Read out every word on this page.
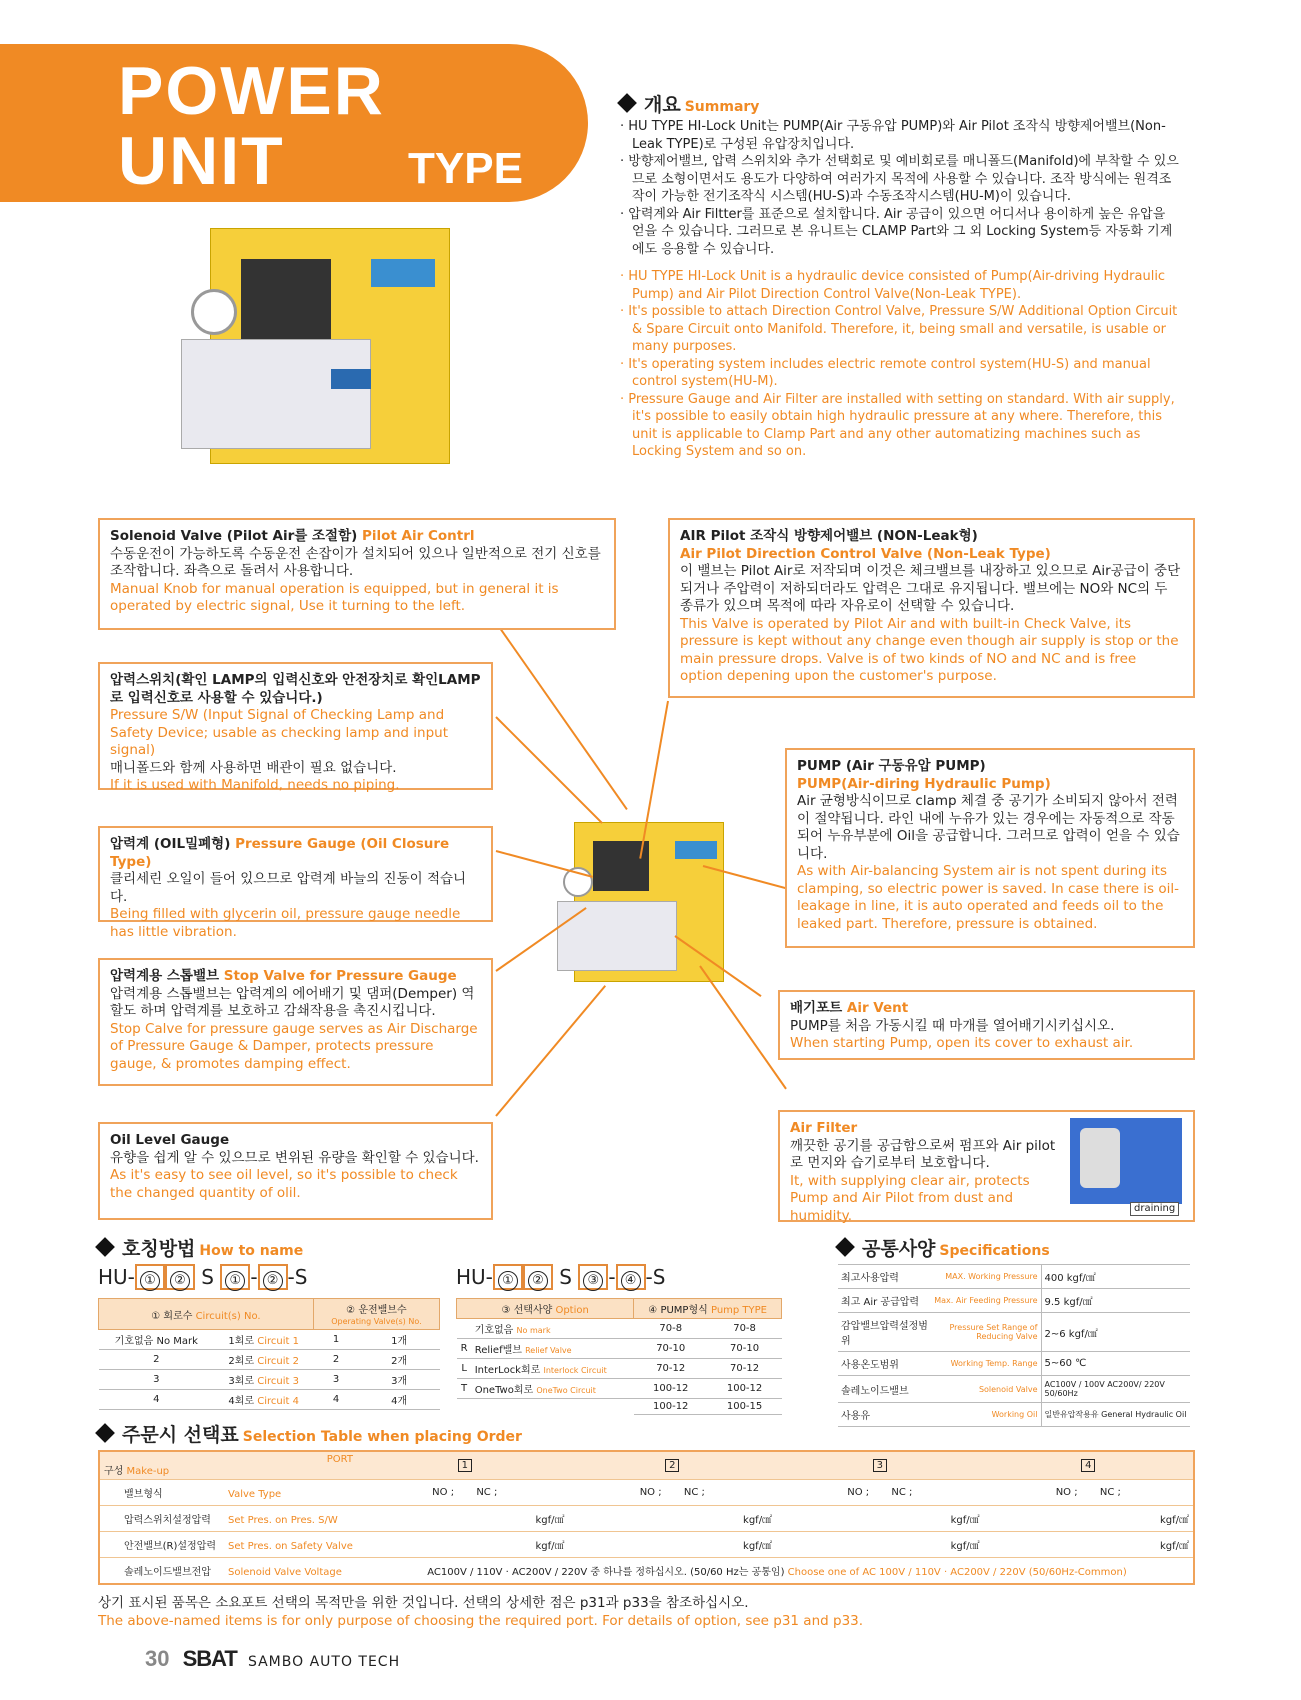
POWER
UNIT	TYPE
개요 Summary
· HU TYPE HI-Lock Unit는 PUMP(Air 구동유압 PUMP)와 Air Pilot 조작식 방향제어밸브(Non-Leak TYPE)로 구성된 유압장치입니다.
· 방향제어밸브, 압력 스위치와 추가 선택회로 및 예비회로를 매니폴드(Manifold)에 부착할 수 있으므로 소형이면서도 용도가 다양하여 여러가지 목적에 사용할 수 있습니다. 조작 방식에는 원격조작이 가능한 전기조작식 시스템(HU-S)과 수동조작시스템(HU-M)이 있습니다.
· 압력계와 Air Filtter를 표준으로 설치합니다. Air 공급이 있으면 어디서나 용이하게 높은 유압을 얻을 수 있습니다. 그러므로 본 유니트는 CLAMP Part와 그 외 Locking System등 자동화 기계에도 응용할 수 있습니다.
· HU TYPE HI-Lock Unit is a hydraulic device consisted of Pump(Air-driving Hydraulic Pump) and Air Pilot Direction Control Valve(Non-Leak TYPE).
· It's possible to attach Direction Control Valve, Pressure S/W Additional Option Circuit & Spare Circuit onto Manifold. Therefore, it, being small and versatile, is usable or many purposes.
· It's operating system includes electric remote control system(HU-S) and manual control system(HU-M).
· Pressure Gauge and Air Filter are installed with setting on standard. With air supply, it's possible to easily obtain high hydraulic pressure at any where. Therefore, this unit is applicable to Clamp Part and any other automatizing machines such as Locking System and so on.
Solenoid Valve (Pilot Air를 조절함) Pilot Air Contrl
수동운전이 가능하도록 수동운전 손잡이가 설치되어 있으나 일반적으로 전기 신호를 조작합니다. 좌측으로 돌려서 사용합니다.
Manual Knob for manual operation is equipped, but in general it is operated by electric signal, Use it turning to the left.
AIR Pilot 조작식 방향제어밸브 (NON-Leak형)
Air Pilot Direction Control Valve (Non-Leak Type)
이 밸브는 Pilot Air로 저작되며 이것은 체크밸브를 내장하고 있으므로 Air공급이 중단되거나 주압력이 저하되더라도 압력은 그대로 유지됩니다. 밸브에는 NO와 NC의 두 종류가 있으며 목적에 따라 자유로이 선택할 수 있습니다.
This Valve is operated by Pilot Air and with built-in Check Valve, its pressure is kept without any change even though air supply is stop or the main pressure drops. Valve is of two kinds of NO and NC and is free option depening upon the customer's purpose.
압력스위치(확인 LAMP의 입력신호와 안전장치로 확인LAMP로 입력신호로 사용할 수 있습니다.)
Pressure S/W (Input Signal of Checking Lamp and Safety Device; usable as checking lamp and input signal)
매니폴드와 함께 사용하면 배관이 필요 없습니다.
If it is used with Manifold, needs no piping.
PUMP (Air 구동유압 PUMP)
PUMP(Air-diring Hydraulic Pump)
Air 균형방식이므로 clamp 체결 중 공기가 소비되지 않아서 전력이 절약됩니다. 라인 내에 누유가 있는 경우에는 자동적으로 작동되어 누유부분에 Oil을 공급합니다. 그러므로 압력이 얻을 수 있습니다.
As with Air-balancing System air is not spent during its clamping, so electric power is saved. In case there is oil-leakage in line, it is auto operated and feeds oil to the leaked part. Therefore, pressure is obtained.
압력계 (OIL밀폐형) Pressure Gauge (Oil Closure Type)
클리세린 오일이 들어 있으므로 압력계 바늘의 진동이 적습니다.
Being filled with glycerin oil, pressure gauge needle has little vibration.
압력계용 스톱밸브 Stop Valve for Pressure Gauge
압력계용 스톱밸브는 압력계의 에어배기 및 댐퍼(Demper) 역할도 하며 압력계를 보호하고 감쇄작용을 촉진시킵니다.
Stop Calve for pressure gauge serves as Air Discharge of Pressure Gauge & Damper, protects pressure gauge, & promotes damping effect.
배기포트 Air Vent
PUMP를 처음 가동시킬 때 마개를 열어배기시키십시오.
When starting Pump, open its cover to exhaust air.
Oil Level Gauge
유향을 쉽게 알 수 있으므로 변위된 유량을 확인할 수 있습니다.
As it's easy to see oil level, so it's possible to check the changed quantity of olil.
Air Filter
깨끗한 공기를 공급함으로써 펌프와 Air pilot로 먼지와 습기로부터 보호합니다.
It, with supplying clear air, protects Pump and Air Pilot from dust and humidity.	draining
호칭방법 How to name
HU- ① ② S ① - ② -S	HU- ① ② S ③ - ④ -S
① 회로수 Circuit(s) No.		② 운전밸브수
Operating Valve(s) No.	
기호없음 No Mark	1회로 Circuit 1	1	1개
2	2회로 Circuit 2	2	2개
3	3회로 Circuit 3	3	3개
4	4회로 Circuit 4	4	4개
③ 선택사양 Option		④ PUMP형식 Pump TYPE	
	기호없음 No mark	70-8	70-8
R	Relief밸브 Relief Valve	70-10	70-10
L	InterLock회로 Interlock Circuit	70-12	70-12
T	OneTwo회로 OneTwo Circuit	100-12	100-12
		100-12	100-15
공통사양 Specifications
최고사용압력	MAX. Working Pressure	400 kgf/㎠
최고 Air 공급압력	Max. Air Feeding Pressure	9.5 kgf/㎠
감압밸브압력설정범위	Pressure Set Range of Reducing Valve	2~6 kgf/㎠
사용온도범위	Working Temp. Range	5~60 ℃
솔레노이드밸브	Solenoid Valve	AC100V / 100V AC200V/ 220V 50/60Hz
사용유	Working Oil	일반유압작용유 General Hydraulic Oil
주문시 선택표 Selection Table when placing Order
PORT
구성 Make-up	1	2	3	4
밸브형식 Valve Type	NO ;       NC ;	NO ;       NC ;	NO ;       NC ;	NO ;       NC ;
압력스위치설정압력 Set Pres. on Pres. S/W	kgf/㎠	kgf/㎠	kgf/㎠	kgf/㎠
안전밸브(R)설정압력 Set Pres. on Safety Valve	kgf/㎠	kgf/㎠	kgf/㎠	kgf/㎠
솔레노이드밸브전압 Solenoid Valve Voltage	AC100V / 110V · AC200V / 220V 중 하나를 정하십시오. (50/60 Hz는 공통임) Choose one of AC 100V / 110V · AC200V / 220V (50/60Hz-Common)			
상기 표시된 품목은 소요포트 선택의 목적만을 위한 것입니다. 선택의 상세한 점은 p31과 p33을 참조하십시오.
The above-named items is for only purpose of choosing the required port. For details of option, see p31 and p33.
30 SBAT SAMBO AUTO TECH
